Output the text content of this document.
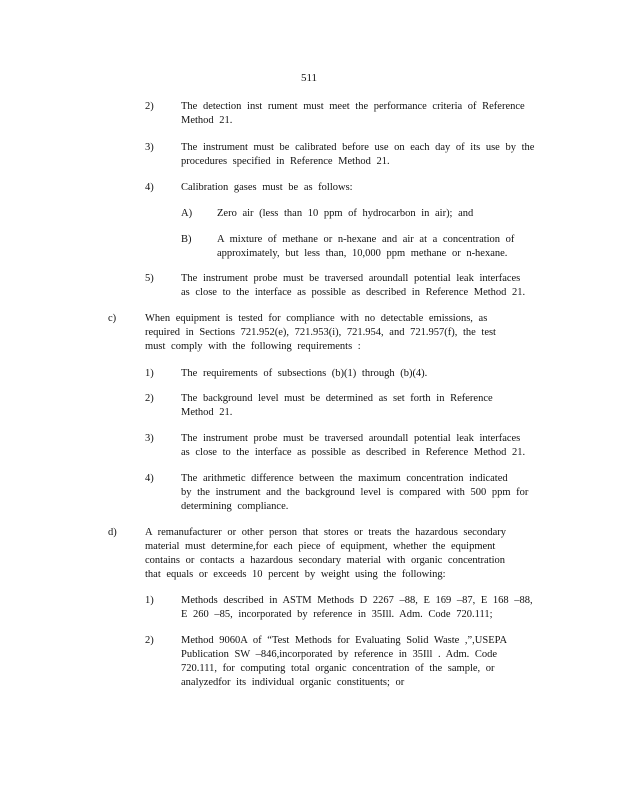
511
2)	The detection inst rument must meet the performance criteria of Reference
Method 21.
3)	The instrument must be calibrated before use on each day of its use by the
procedures specified in Reference Method 21.
4)	Calibration gases must be as follows:
A) Zero air (less than 10 ppm of hydrocarbon in air); and
B) A mixture of methane or n-hexane and air at a concentration of
approximately, but less than, 10,000 ppm methane or n-hexane.
5)	The instrument probe must be traversed aroundall potential leak interfaces
as close to the interface as possible as described in Reference Method 21.
c)	When equipment is tested for compliance with no detectable emissions, as
required in Sections 721.952(e), 721.953(i), 721.954, and 721.957(f), the test
must comply with the following requirements :
1)	The requirements of subsections (b)(1) through (b)(4).
2)	The background level must be determined as set forth in Reference
Method 21.
3)	The instrument probe must be traversed aroundall potential leak interfaces
as close to the interface as possible as described in Reference Method 21.
4)	The arithmetic difference between the maximum concentration indicated
by the instrument and the background level is compared with 500 ppm for
determining compliance.
d)	A remanufacturer or other person that stores or treats the hazardous secondary
material must determine,for each piece of equipment, whether the equipment
contains or contacts a hazardous secondary material with organic concentration
that equals or exceeds 10 percent by weight using the following:
1)	Methods described in ASTM Methods D 2267 –88, E 169 –87, E 168 –88,
E 260 –85, incorporated by reference in 35Ill. Adm. Code 720.111;
2)	Method 9060A of “Test Methods for Evaluating Solid Waste ,”,USEPA
Publication SW –846,incorporated by reference in 35Ill . Adm. Code
720.111, for computing total organic concentration of the sample, or
analyzedfor its individual organic constituents; or
